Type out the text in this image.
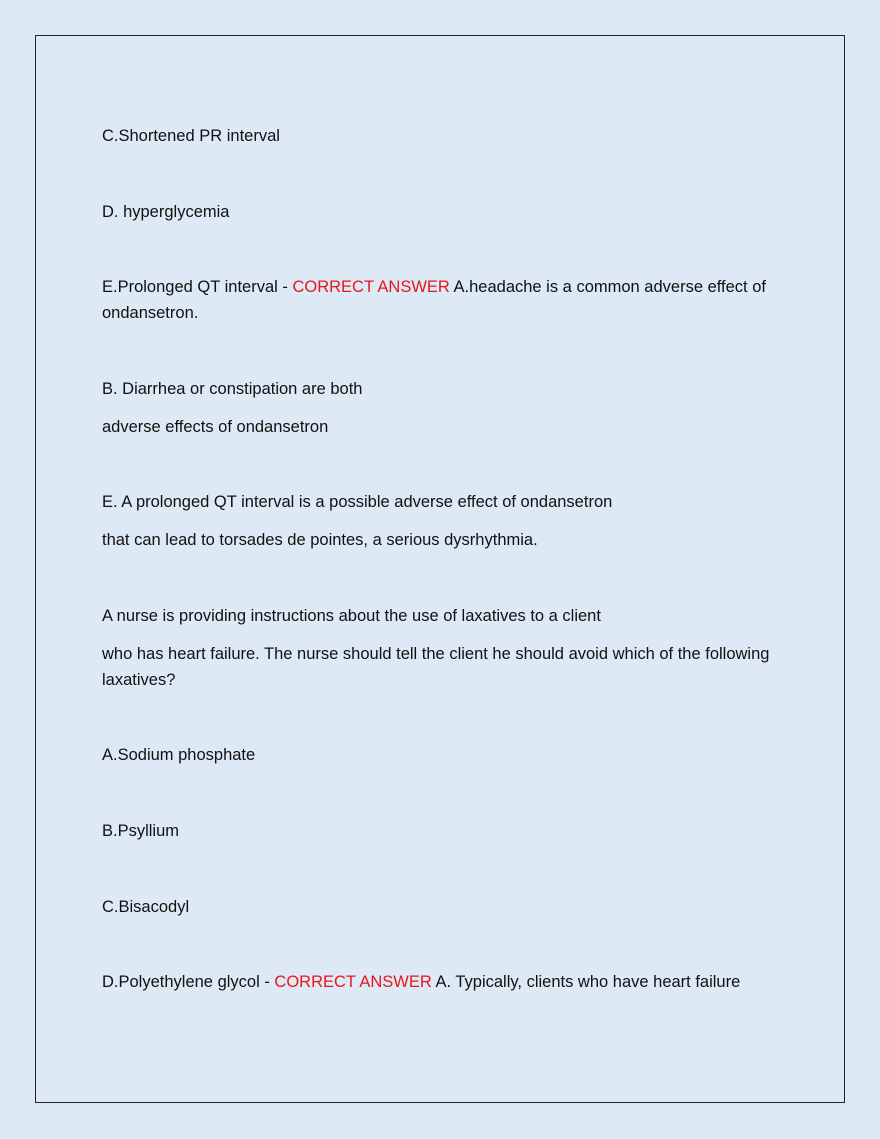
C.Shortened PR interval
D. hyperglycemia
E.Prolonged QT interval - CORRECT ANSWER A.headache is a common adverse effect of ondansetron.
B. Diarrhea or constipation are both
adverse effects of ondansetron
E. A prolonged QT interval is a possible adverse effect of ondansetron
that can lead to torsades de pointes, a serious dysrhythmia.
A nurse is providing instructions about the use of laxatives to a client
who has heart failure. The nurse should tell the client he should avoid which of the following laxatives?
A.Sodium phosphate
B.Psyllium
C.Bisacodyl
D.Polyethylene glycol - CORRECT ANSWER A. Typically, clients who have heart failure
